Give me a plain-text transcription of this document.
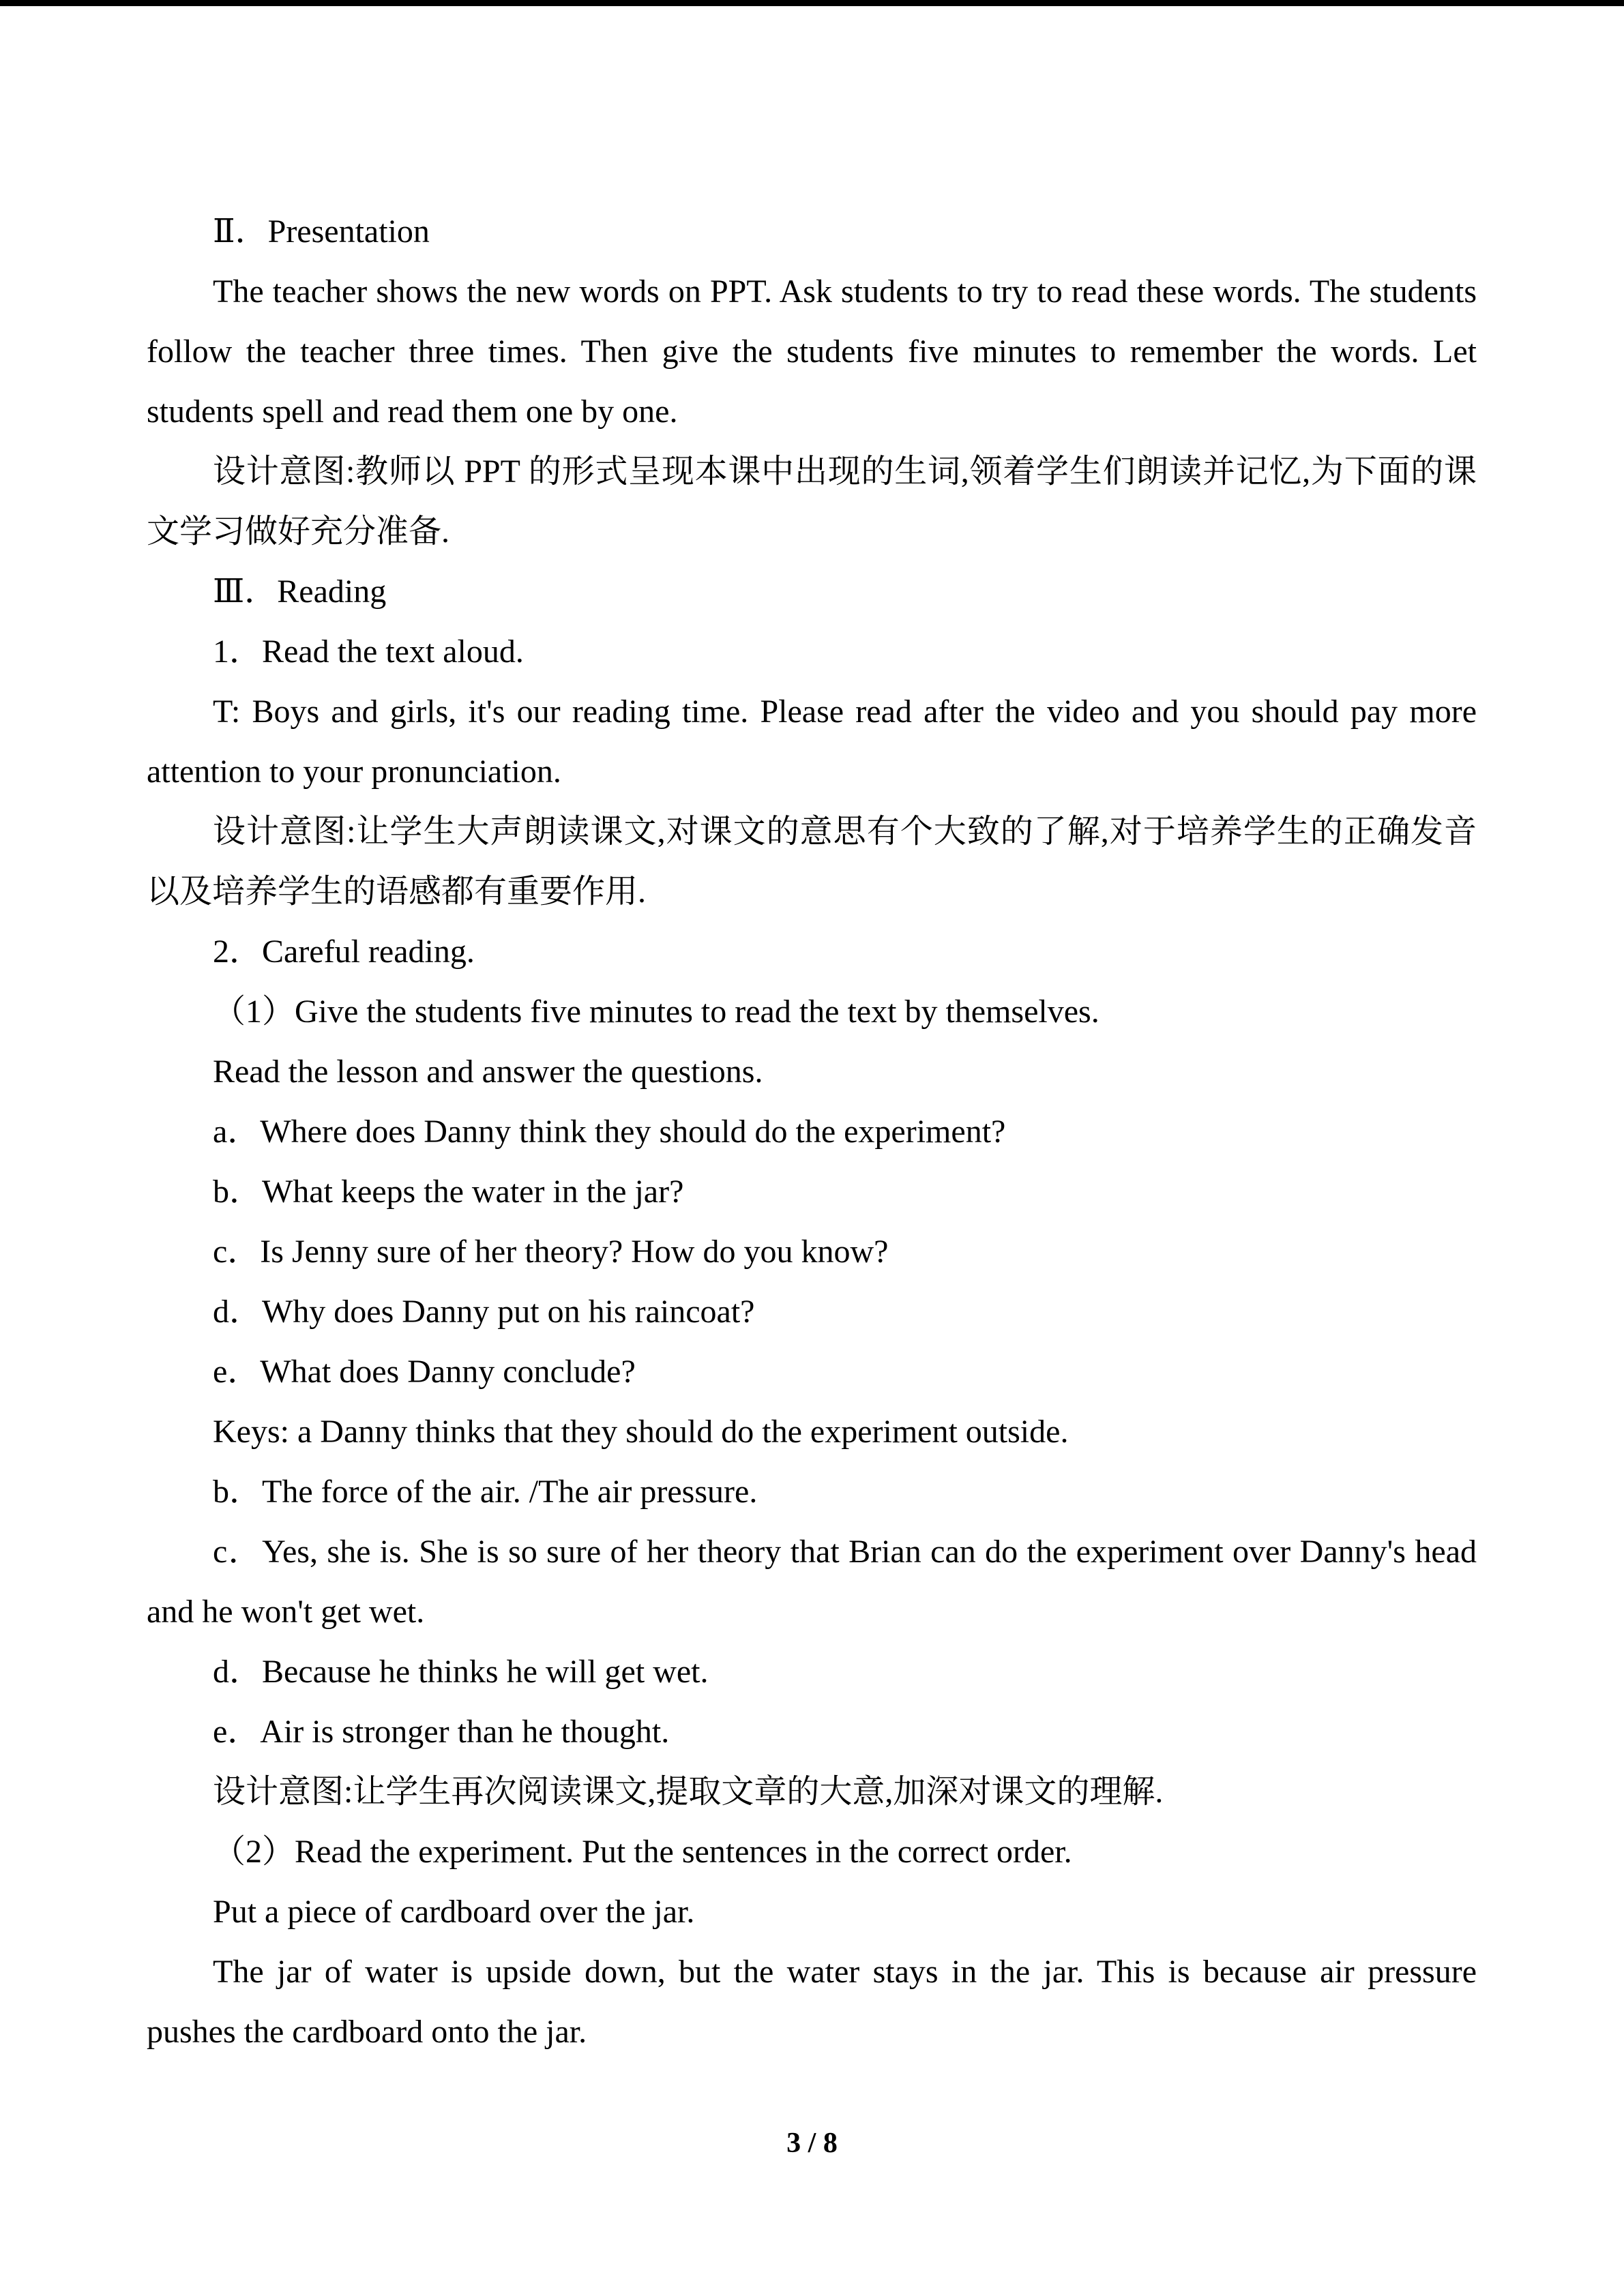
Ⅱ．Presentation

The teacher shows the new words on PPT. Ask students to try to read these words. The students follow the teacher three times. Then give the students five minutes to remember the words. Let students spell and read them one by one.

设计意图:教师以 PPT 的形式呈现本课中出现的生词,领着学生们朗读并记忆,为下面的课文学习做好充分准备.

Ⅲ．Reading

1．Read the text aloud.

T: Boys and girls, it's our reading time. Please read after the video and you should pay more attention to your pronunciation.

设计意图:让学生大声朗读课文,对课文的意思有个大致的了解,对于培养学生的正确发音以及培养学生的语感都有重要作用.

2．Careful reading.

（1）Give the students five minutes to read the text by themselves.

Read the lesson and answer the questions.

a．Where does Danny think they should do the experiment?

b．What keeps the water in the jar?

c．Is Jenny sure of her theory? How do you know?

d．Why does Danny put on his raincoat?

e．What does Danny conclude?

Keys: a Danny thinks that they should do the experiment outside.

b．The force of the air. /The air pressure.

c．Yes, she is. She is so sure of her theory that Brian can do the experiment over Danny's head and he won't get wet.

d．Because he thinks he will get wet.

e．Air is stronger than he thought.

设计意图:让学生再次阅读课文,提取文章的大意,加深对课文的理解.

（2）Read the experiment. Put the sentences in the correct order.

Put a piece of cardboard over the jar.

The jar of water is upside down, but the water stays in the jar. This is because air pressure pushes the cardboard onto the jar.

3 / 8
